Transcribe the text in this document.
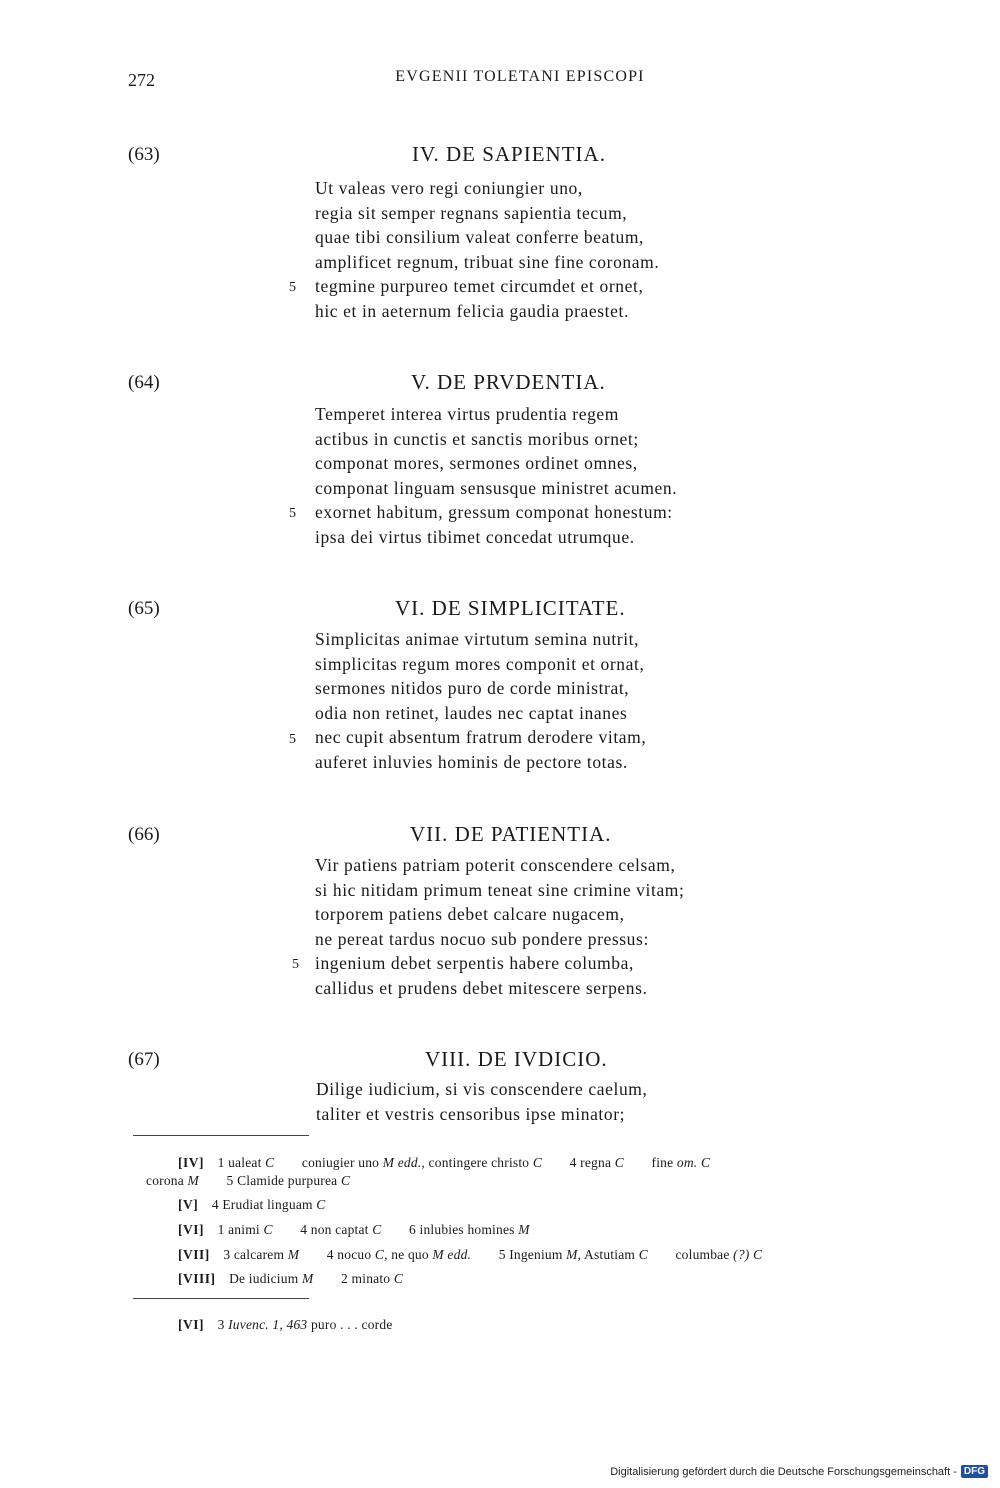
272	EVGENII TOLETANI EPISCOPI
(63)	IV. DE SAPIENTIA.
Ut valeas vero regi coniungier uno,
regia sit semper regnans sapientia tecum,
quae tibi consilium valeat conferre beatum,
amplificet regnum, tribuat sine fine coronam.
tegmine purpureo temet circumdet et ornet,
hic et in aeternum felicia gaudia praestet.
5
(64)	V. DE PRVDENTIA.
Temperet interea virtus prudentia regem
actibus in cunctis et sanctis moribus ornet;
componat mores, sermones ordinet omnes,
componat linguam sensusque ministret acumen.
exornet habitum, gressum componat honestum:
ipsa dei virtus tibimet concedat utrumque.
5
(65)	VI. DE SIMPLICITATE.
Simplicitas animae virtutum semina nutrit,
simplicitas regum mores componit et ornat,
sermones nitidos puro de corde ministrat,
odia non retinet, laudes nec captat inanes
nec cupit absentum fratrum derodere vitam,
auferet inluvies hominis de pectore totas.
5
(66)	VII. DE PATIENTIA.
Vir patiens patriam poterit conscendere celsam,
si hic nitidam primum teneat sine crimine vitam;
torporem patiens debet calcare nugacem,
ne pereat tardus nocuo sub pondere pressus:
ingenium debet serpentis habere columba,
callidus et prudens debet mitescere serpens.
5
(67)	VIII. DE IVDICIO.
Dilige iudicium, si vis conscendere caelum,
taliter et vestris censoribus ipse minator;
[IV] 1 ualeat C coniugier uno M edd., contingere christo C 4 regna C fine om. C
corona M 5 Clamide purpurea C
[V] 4 Erudiat linguam C
[VI] 1 animi C 4 non captat C 6 inlubies homines M
[VII] 3 calcarem M 4 nocuo C, ne quo M edd. 5 Ingenium M, Astutiam C columbae (?) C
[VIII] De iudicium M 2 minato C
[VI] 3 Iuvenc. 1, 463 puro . . . corde
Digitalisierung gefördert durch die Deutsche Forschungsgemeinschaft - DFG
